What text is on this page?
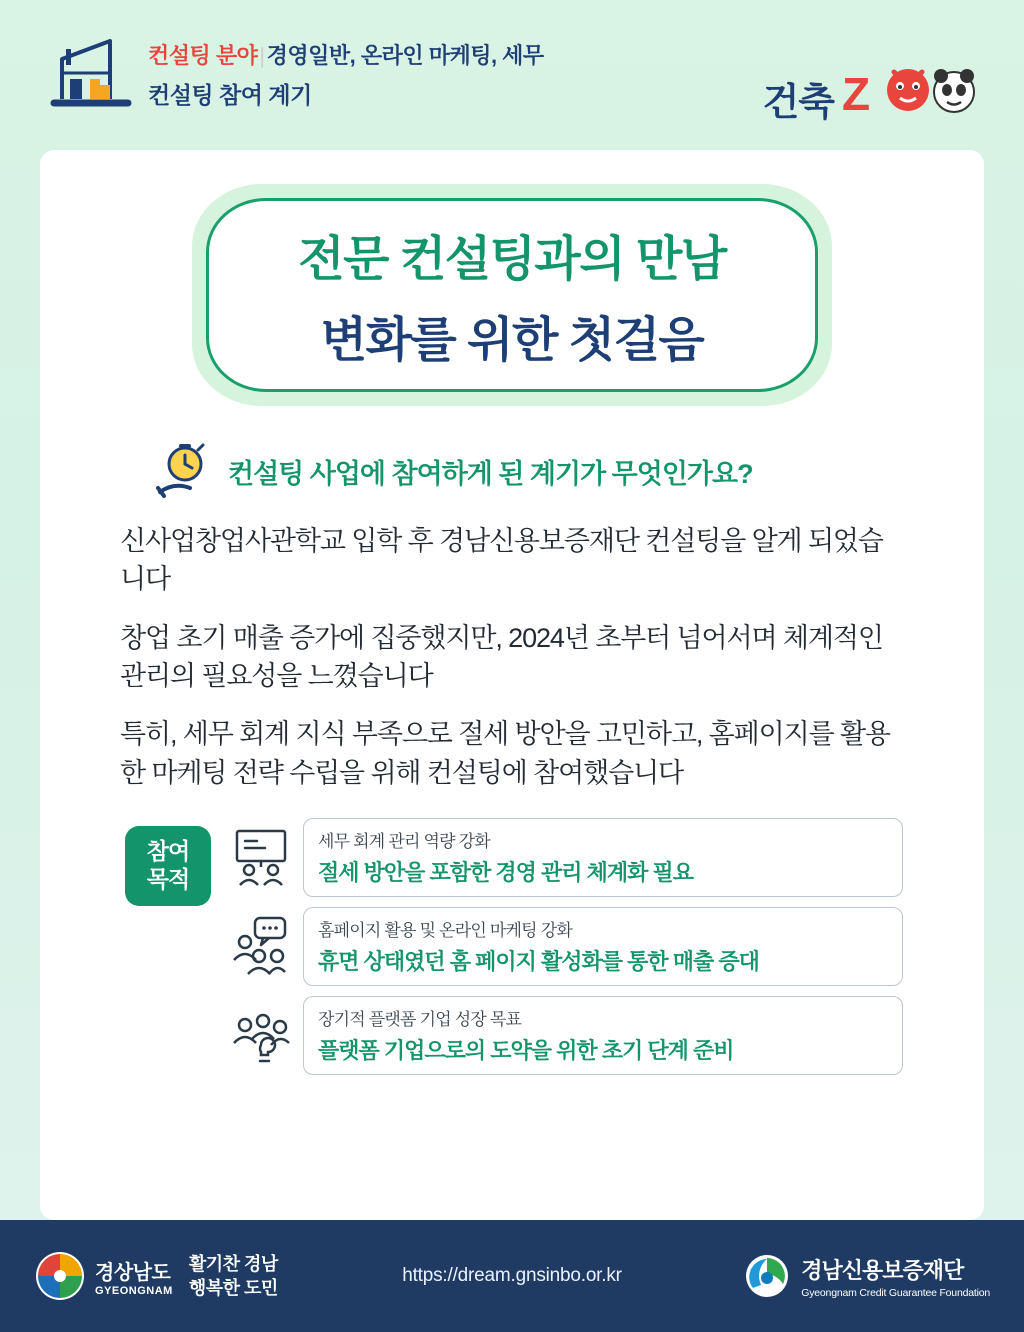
컨설팅 분야|경영일반, 온라인 마케팅, 세무
컨설팅 참여 계기	건축 Z
전문 컨설팅과의 만남
변화를 위한 첫걸음
컨설팅 사업에 참여하게 된 계기가 무엇인가요?
신사업창업사관학교 입학 후 경남신용보증재단 컨설팅을 알게 되었습니다
창업 초기 매출 증가에 집중했지만, 2024년 초부터 넘어서며 체계적인 관리의 필요성을 느꼈습니다
특히, 세무 회계 지식 부족으로 절세 방안을 고민하고, 홈페이지를 활용한 마케팅 전략 수립을 위해 컨설팅에 참여했습니다
참여
목적
세무 회계 관리 역량 강화
절세 방안을 포함한 경영 관리 체계화 필요
홈페이지 활용 및 온라인 마케팅 강화
휴면 상태였던 홈 페이지 활성화를 통한 매출 증대
장기적 플랫폼 기업 성장 목표
플랫폼 기업으로의 도약을 위한 초기 단계 준비
경상남도
GYEONGNAM
활기찬 경남
행복한 도민
https://dream.gnsinbo.or.kr	경남신용보증재단
Gyeongnam Credit Guarantee Foundation
